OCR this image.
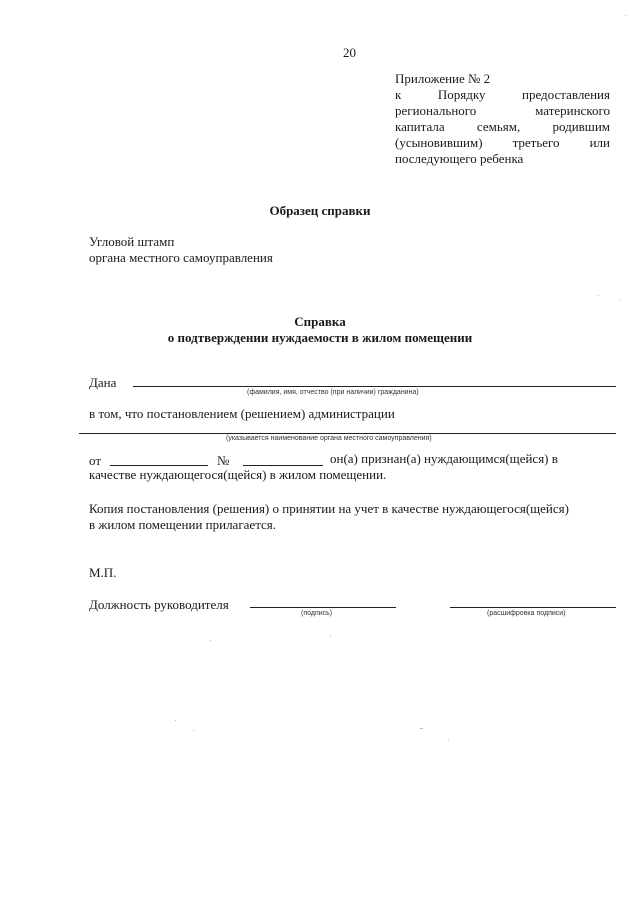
20
Приложение № 2
к	Порядку	предоставления
регионального	материнского
капитала семьям, родившим
(усыновившим) третьего или
последующего ребенка
Образец справки
Угловой штамп
органа местного самоуправления
Справка
о подтверждении нуждаемости в жилом помещении
Дана
(фамилия, имя, отчество (при наличии) гражданина)
в том, что постановлением (решением) администрации
(указывается наименование органа местного самоуправления)
от	№	он(а) признан(а) нуждающимся(щейся) в
качестве нуждающегося(щейся) в жилом помещении.
Копия постановления (решения) о принятии на учет в качестве нуждающегося(щейся)
в жилом помещении прилагается.
М.П.
Должность руководителя
(подпись)	(расшифровка подписи)
